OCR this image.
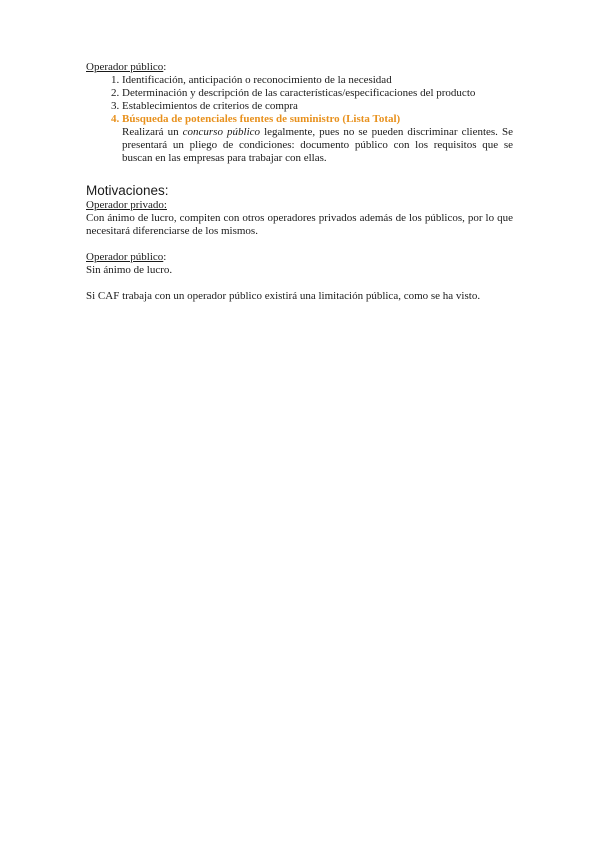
Operador público:

1. Identificación, anticipación o reconocimiento de la necesidad
2. Determinación y descripción de las características/especificaciones del producto
3. Establecimientos de criterios de compra
4. Búsqueda de potenciales fuentes de suministro (Lista Total)

Realizará un concurso público legalmente, pues no se pueden discriminar clientes. Se presentará un pliego de condiciones: documento público con los requisitos que se buscan en las empresas para trabajar con ellas.

Motivaciones:

Operador privado:

Con ánimo de lucro, compiten con otros operadores privados además de los públicos, por lo que necesitará diferenciarse de los mismos.

Operador público:

Sin ánimo de lucro.

Si CAF trabaja con un operador público existirá una limitación pública, como se ha visto.
